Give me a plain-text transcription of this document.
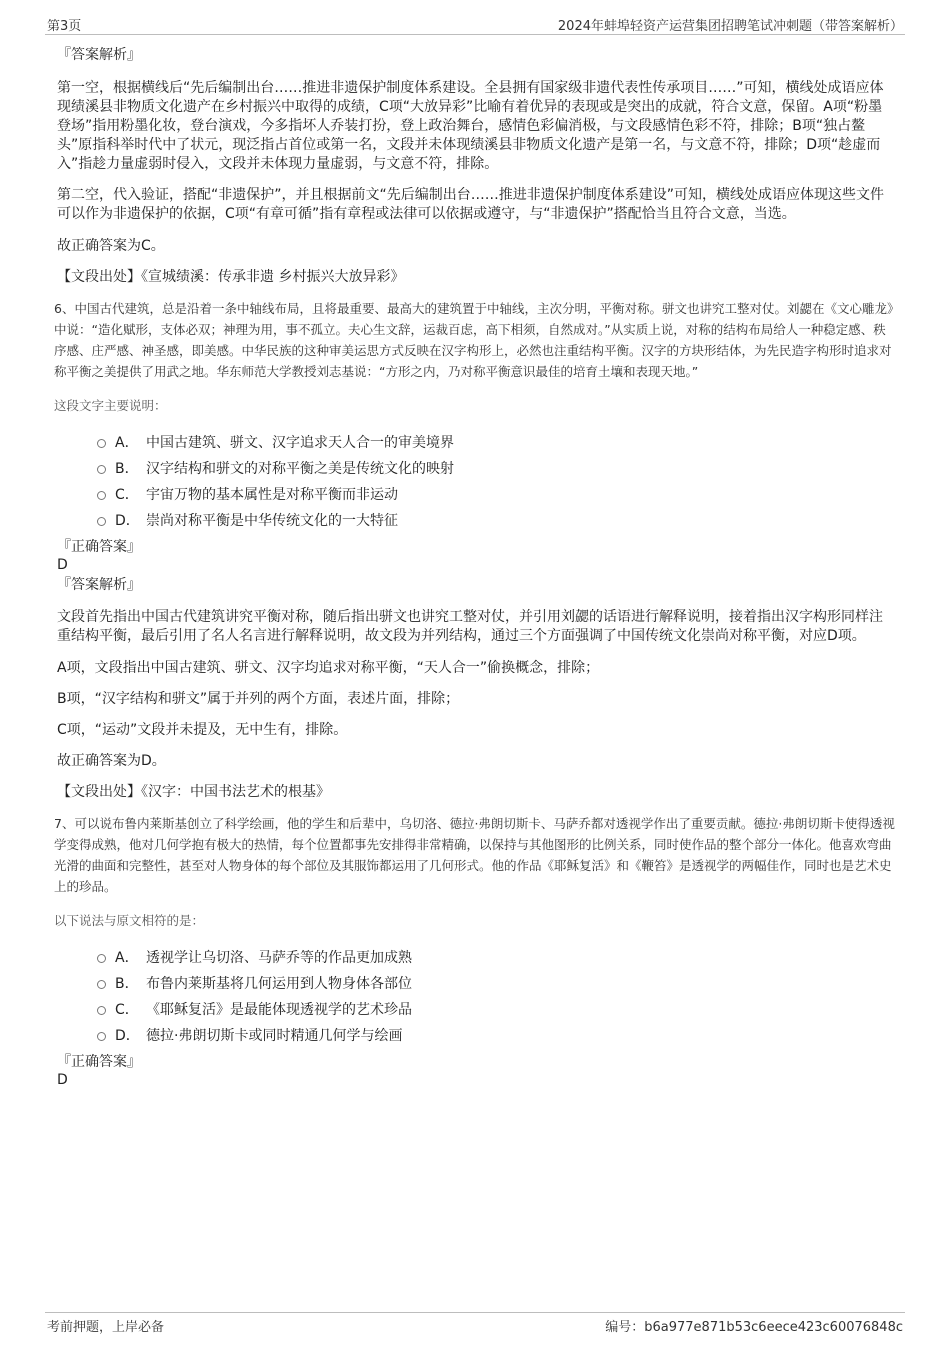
第3页	2024年蚌埠轻资产运营集团招聘笔试冲刺题（带答案解析）

『答案解析』

第一空，根据横线后“先后编制出台……推进非遗保护制度体系建设。全县拥有国家级非遗代表性传承项目……”可知，横线处成语应体现绩溪县非物质文化遗产在乡村振兴中取得的成绩，C项“大放异彩”比喻有着优异的表现或是突出的成就，符合文意，保留。A项“粉墨登场”指用粉墨化妆，登台演戏，今多指坏人乔装打扮，登上政治舞台，感情色彩偏消极，与文段感情色彩不符，排除；B项“独占鳌头”原指科举时代中了状元，现泛指占首位或第一名，文段并未体现绩溪县非物质文化遗产是第一名，与文意不符，排除；D项“趁虚而入”指趁力量虚弱时侵入，文段并未体现力量虚弱，与文意不符，排除。

第二空，代入验证，搭配“非遗保护”，并且根据前文“先后编制出台……推进非遗保护制度体系建设”可知，横线处成语应体现这些文件可以作为非遗保护的依据，C项“有章可循”指有章程或法律可以依据或遵守，与“非遗保护”搭配恰当且符合文意，当选。

故正确答案为C。

【文段出处】《宣城绩溪：传承非遗 乡村振兴大放异彩》

6、中国古代建筑，总是沿着一条中轴线布局，且将最重要、最高大的建筑置于中轴线，主次分明，平衡对称。骈文也讲究工整对仗。刘勰在《文心雕龙》中说：“造化赋形，支体必双；神理为用，事不孤立。夫心生文辞，运裁百虑，高下相须，自然成对。”从实质上说，对称的结构布局给人一种稳定感、秩序感、庄严感、神圣感，即美感。中华民族的这种审美运思方式反映在汉字构形上，必然也注重结构平衡。汉字的方块形结体，为先民造字构形时追求对称平衡之美提供了用武之地。华东师范大学教授刘志基说：“方形之内，乃对称平衡意识最佳的培育土壤和表现天地。”

这段文字主要说明：

A． 中国古建筑、骈文、汉字追求天人合一的审美境界
B． 汉字结构和骈文的对称平衡之美是传统文化的映射
C． 宇宙万物的基本属性是对称平衡而非运动
D． 崇尚对称平衡是中华传统文化的一大特征

『正确答案』

D

『答案解析』

文段首先指出中国古代建筑讲究平衡对称，随后指出骈文也讲究工整对仗，并引用刘勰的话语进行解释说明，接着指出汉字构形同样注重结构平衡，最后引用了名人名言进行解释说明，故文段为并列结构，通过三个方面强调了中国传统文化崇尚对称平衡，对应D项。

A项，文段指出中国古建筑、骈文、汉字均追求对称平衡，“天人合一”偷换概念，排除；

B项，“汉字结构和骈文”属于并列的两个方面，表述片面，排除；

C项，“运动”文段并未提及，无中生有，排除。

故正确答案为D。

【文段出处】《汉字：中国书法艺术的根基》

7、可以说布鲁内莱斯基创立了科学绘画，他的学生和后辈中，乌切洛、德拉·弗朗切斯卡、马萨乔都对透视学作出了重要贡献。德拉·弗朗切斯卡使得透视学变得成熟，他对几何学抱有极大的热情，每个位置都事先安排得非常精确，以保持与其他图形的比例关系，同时使作品的整个部分一体化。他喜欢弯曲光滑的曲面和完整性，甚至对人物身体的每个部位及其服饰都运用了几何形式。他的作品《耶稣复活》和《鞭笞》是透视学的两幅佳作，同时也是艺术史上的珍品。

以下说法与原文相符的是：

A． 透视学让乌切洛、马萨乔等的作品更加成熟
B． 布鲁内莱斯基将几何运用到人物身体各部位
C． 《耶稣复活》是最能体现透视学的艺术珍品
D． 德拉·弗朗切斯卡或同时精通几何学与绘画

『正确答案』

D

考前押题，上岸必备	编号：b6a977e871b53c6eece423c60076848c
